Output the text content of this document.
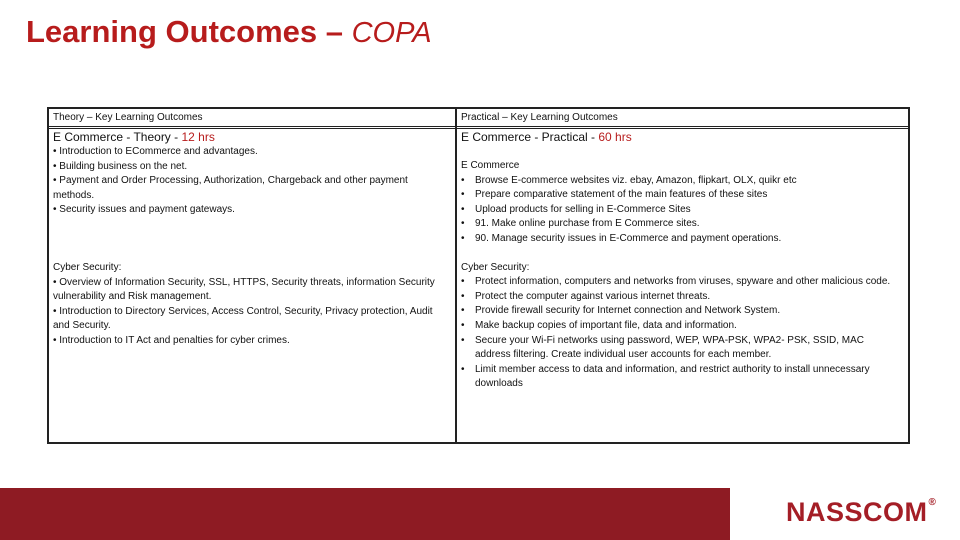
Learning Outcomes – COPA
Theory – Key Learning Outcomes
E Commerce - Theory - 12 hrs

• Introduction to ECommerce and advantages.

• Building business on the net.

• Payment and Order Processing, Authorization, Chargeback and other payment methods.

• Security issues and payment gateways.

Cyber Security:

• Overview of Information Security, SSL, HTTPS, Security threats, information Security vulnerability and Risk management.

• Introduction to Directory Services, Access Control, Security, Privacy protection, Audit and Security.

• Introduction to IT Act and penalties for cyber crimes.

Practical – Key Learning Outcomes
E Commerce - Practical - 60 hrs

E Commerce

• Browse E-commerce websites viz. ebay, Amazon, flipkart, OLX, quikr etc
• Prepare comparative statement of the main features of these sites
• Upload products for selling in E-Commerce Sites
• 91. Make online purchase from E Commerce sites.
• 90. Manage security issues in E-Commerce and payment operations.

Cyber Security:

• Protect information, computers and networks from viruses, spyware and other malicious code.
• Protect the computer against various internet threats.
• Provide firewall security for Internet connection and Network System.
• Make backup copies of important file, data and information.
• Secure your Wi-Fi networks using password, WEP, WPA-PSK, WPA2- PSK, SSID, MAC address filtering. Create individual user accounts for each member.
• Limit member access to data and information, and restrict authority to install unnecessary downloads
NASSCOM®
